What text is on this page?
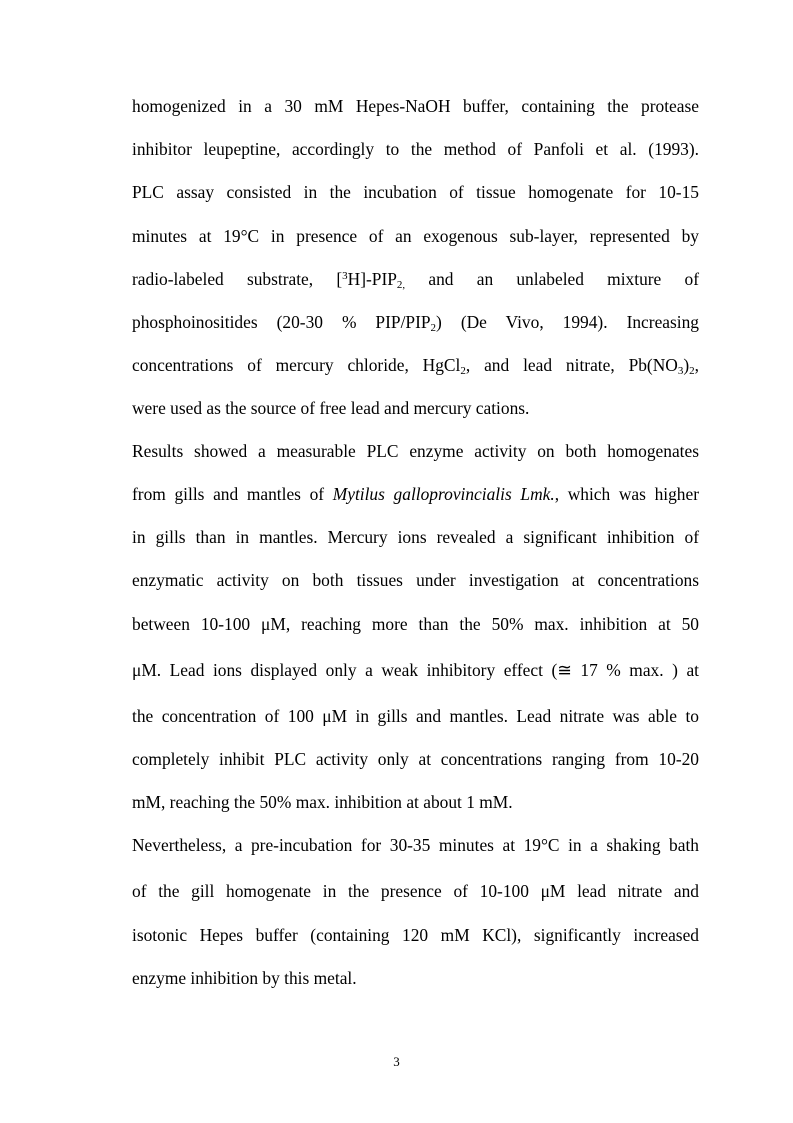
homogenized in a 30 mM Hepes-NaOH buffer, containing the protease
inhibitor leupeptine, accordingly to the method of Panfoli et al. (1993).
PLC assay consisted in the incubation of tissue homogenate for 10-15
minutes at 19°C in presence of an exogenous sub-layer, represented by
radio-labeled substrate, $[^3H]-PIP_{2,}$ and an unlabeled mixture of
phosphoinositides (20-30 % PIP/$PIP_2$) (De Vivo, 1994). Increasing
concentrations of mercury chloride, HgCl$_2$, and lead nitrate, $Pb(NO_3)_2$,
were used as the source of free lead and mercury cations.
Results showed a measurable PLC enzyme activity on both homogenates
from gills and mantles of Mytilus galloprovincialis Lmk., which was higher
in gills than in mantles. Mercury ions revealed a significant inhibition of
enzymatic activity on both tissues under investigation at concentrations
between 10-100 μM, reaching more than the 50% max. inhibition at 50
μM. Lead ions displayed only a weak inhibitory effect (≅ 17 % max. ) at
the concentration of 100 μM in gills and mantles. Lead nitrate was able to
completely inhibit PLC activity only at concentrations ranging from 10-20
mM, reaching the 50% max. inhibition at about 1 mM.
Nevertheless, a pre-incubation for 30-35 minutes at 19°C in a shaking bath
of the gill homogenate in the presence of 10-100 μM lead nitrate and
isotonic Hepes buffer (containing 120 mM KCl), significantly increased
enzyme inhibition by this metal.
3
